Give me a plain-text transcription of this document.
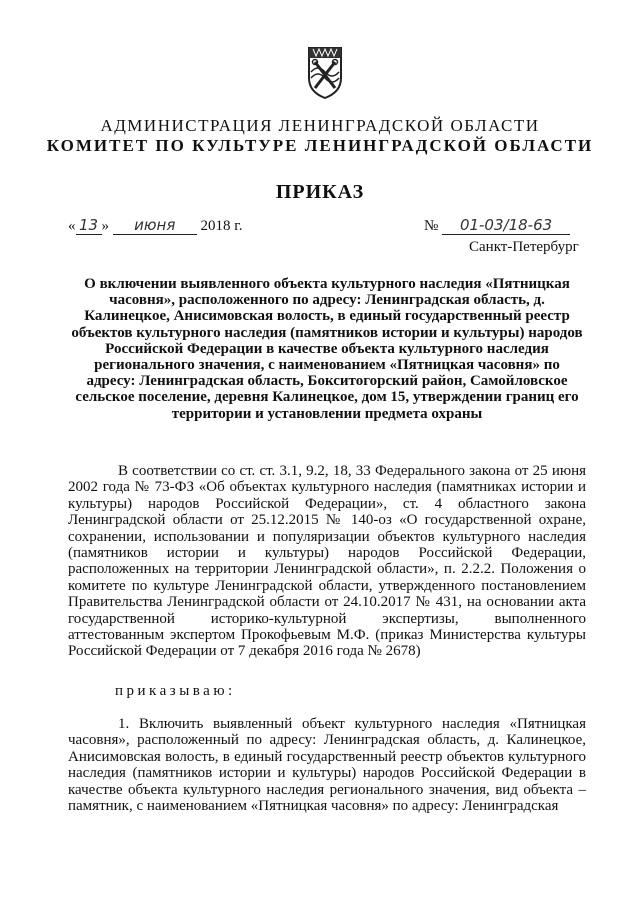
АДМИНИСТРАЦИЯ ЛЕНИНГРАДСКОЙ ОБЛАСТИ
КОМИТЕТ ПО КУЛЬТУРЕ ЛЕНИНГРАДСКОЙ ОБЛАСТИ
ПРИКАЗ
« 13 » июня 2018 г.	№ 01-03/18-63
Санкт-Петербург
О включении выявленного объекта культурного наследия «Пятницкая часовня», расположенного по адресу: Ленинградская область, д. Калинецкое, Анисимовская волость, в единый государственный реестр объектов культурного наследия (памятников истории и культуры) народов Российской Федерации в качестве объекта культурного наследия регионального значения, с наименованием «Пятницкая часовня» по адресу: Ленинградская область, Бокситогорский район, Самойловское сельское поселение, деревня Калинецкое, дом 15, утверждении границ его территории и установлении предмета охраны
В соответствии со ст. ст. 3.1, 9.2, 18, 33 Федерального закона от 25 июня 2002 года № 73-ФЗ «Об объектах культурного наследия (памятниках истории и культуры) народов Российской Федерации», ст. 4 областного закона Ленинградской области от 25.12.2015 № 140-оз «О государственной охране, сохранении, использовании и популяризации объектов культурного наследия (памятников истории и культуры) народов Российской Федерации, расположенных на территории Ленинградской области», п. 2.2.2. Положения о комитете по культуре Ленинградской области, утвержденного постановлением Правительства Ленинградской области от 24.10.2017 № 431, на основании акта государственной историко-культурной экспертизы, выполненного аттестованным экспертом Прокофьевым М.Ф. (приказ Министерства культуры Российской Федерации от 7 декабря 2016 года № 2678)
приказываю:
1. Включить выявленный объект культурного наследия «Пятницкая часовня», расположенный по адресу: Ленинградская область, д. Калинецкое, Анисимовская волость, в единый государственный реестр объектов культурного наследия (памятников истории и культуры) народов Российской Федерации в качестве объекта культурного наследия регионального значения, вид объекта – памятник, с наименованием «Пятницкая часовня» по адресу: Ленинградская
